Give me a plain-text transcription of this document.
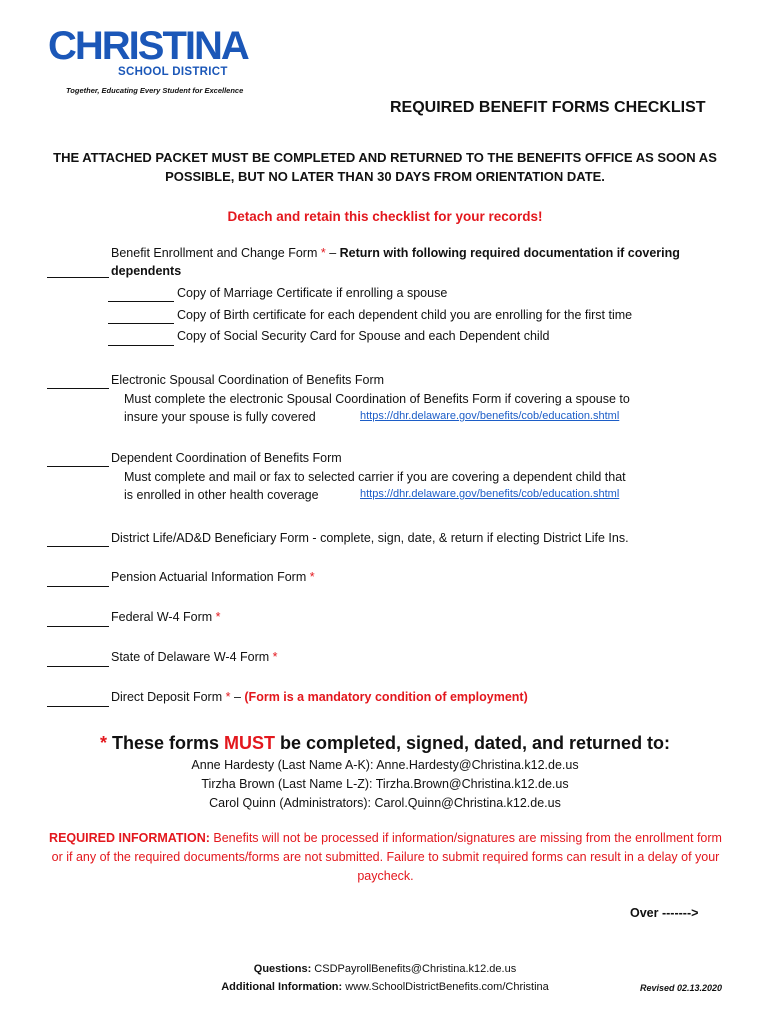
CHRISTINA
SCHOOL DISTRICT
Together, Educating Every Student for Excellence
REQUIRED BENEFIT FORMS CHECKLIST
THE ATTACHED PACKET MUST BE COMPLETED AND RETURNED TO THE BENEFITS OFFICE AS SOON AS POSSIBLE, BUT NO LATER THAN 30 DAYS FROM ORIENTATION DATE.
Detach and retain this checklist for your records!
Benefit Enrollment and Change Form * – Return with following required documentation if covering
dependents
Copy of Marriage Certificate if enrolling a spouse
Copy of Birth certificate for each dependent child you are enrolling for the first time
Copy of Social Security Card for Spouse and each Dependent child
Electronic Spousal Coordination of Benefits Form
Must complete the electronic Spousal Coordination of Benefits Form if covering a spouse to
insure your spouse is fully covered	https://dhr.delaware.gov/benefits/cob/education.shtml
Dependent Coordination of Benefits Form
Must complete and mail or fax to selected carrier if you are covering a dependent child that
is enrolled in other health coverage	https://dhr.delaware.gov/benefits/cob/education.shtml
District Life/AD&D Beneficiary Form - complete, sign, date, & return if electing District Life Ins.
Pension Actuarial Information Form *
Federal W-4 Form *
State of Delaware W-4 Form *
Direct Deposit Form * – (Form is a mandatory condition of employment)
* These forms MUST be completed, signed, dated, and returned to:
Anne Hardesty (Last Name A-K): Anne.Hardesty@Christina.k12.de.us
Tirzha Brown (Last Name L-Z): Tirzha.Brown@Christina.k12.de.us
Carol Quinn (Administrators): Carol.Quinn@Christina.k12.de.us
REQUIRED INFORMATION: Benefits will not be processed if information/signatures are missing from the enrollment form or if any of the required documents/forms are not submitted. Failure to submit required forms can result in a delay of your paycheck.
Over ------->
Questions: CSDPayrollBenefits@Christina.k12.de.us
Additional Information: www.SchoolDistrictBenefits.com/Christina	Revised 02.13.2020
